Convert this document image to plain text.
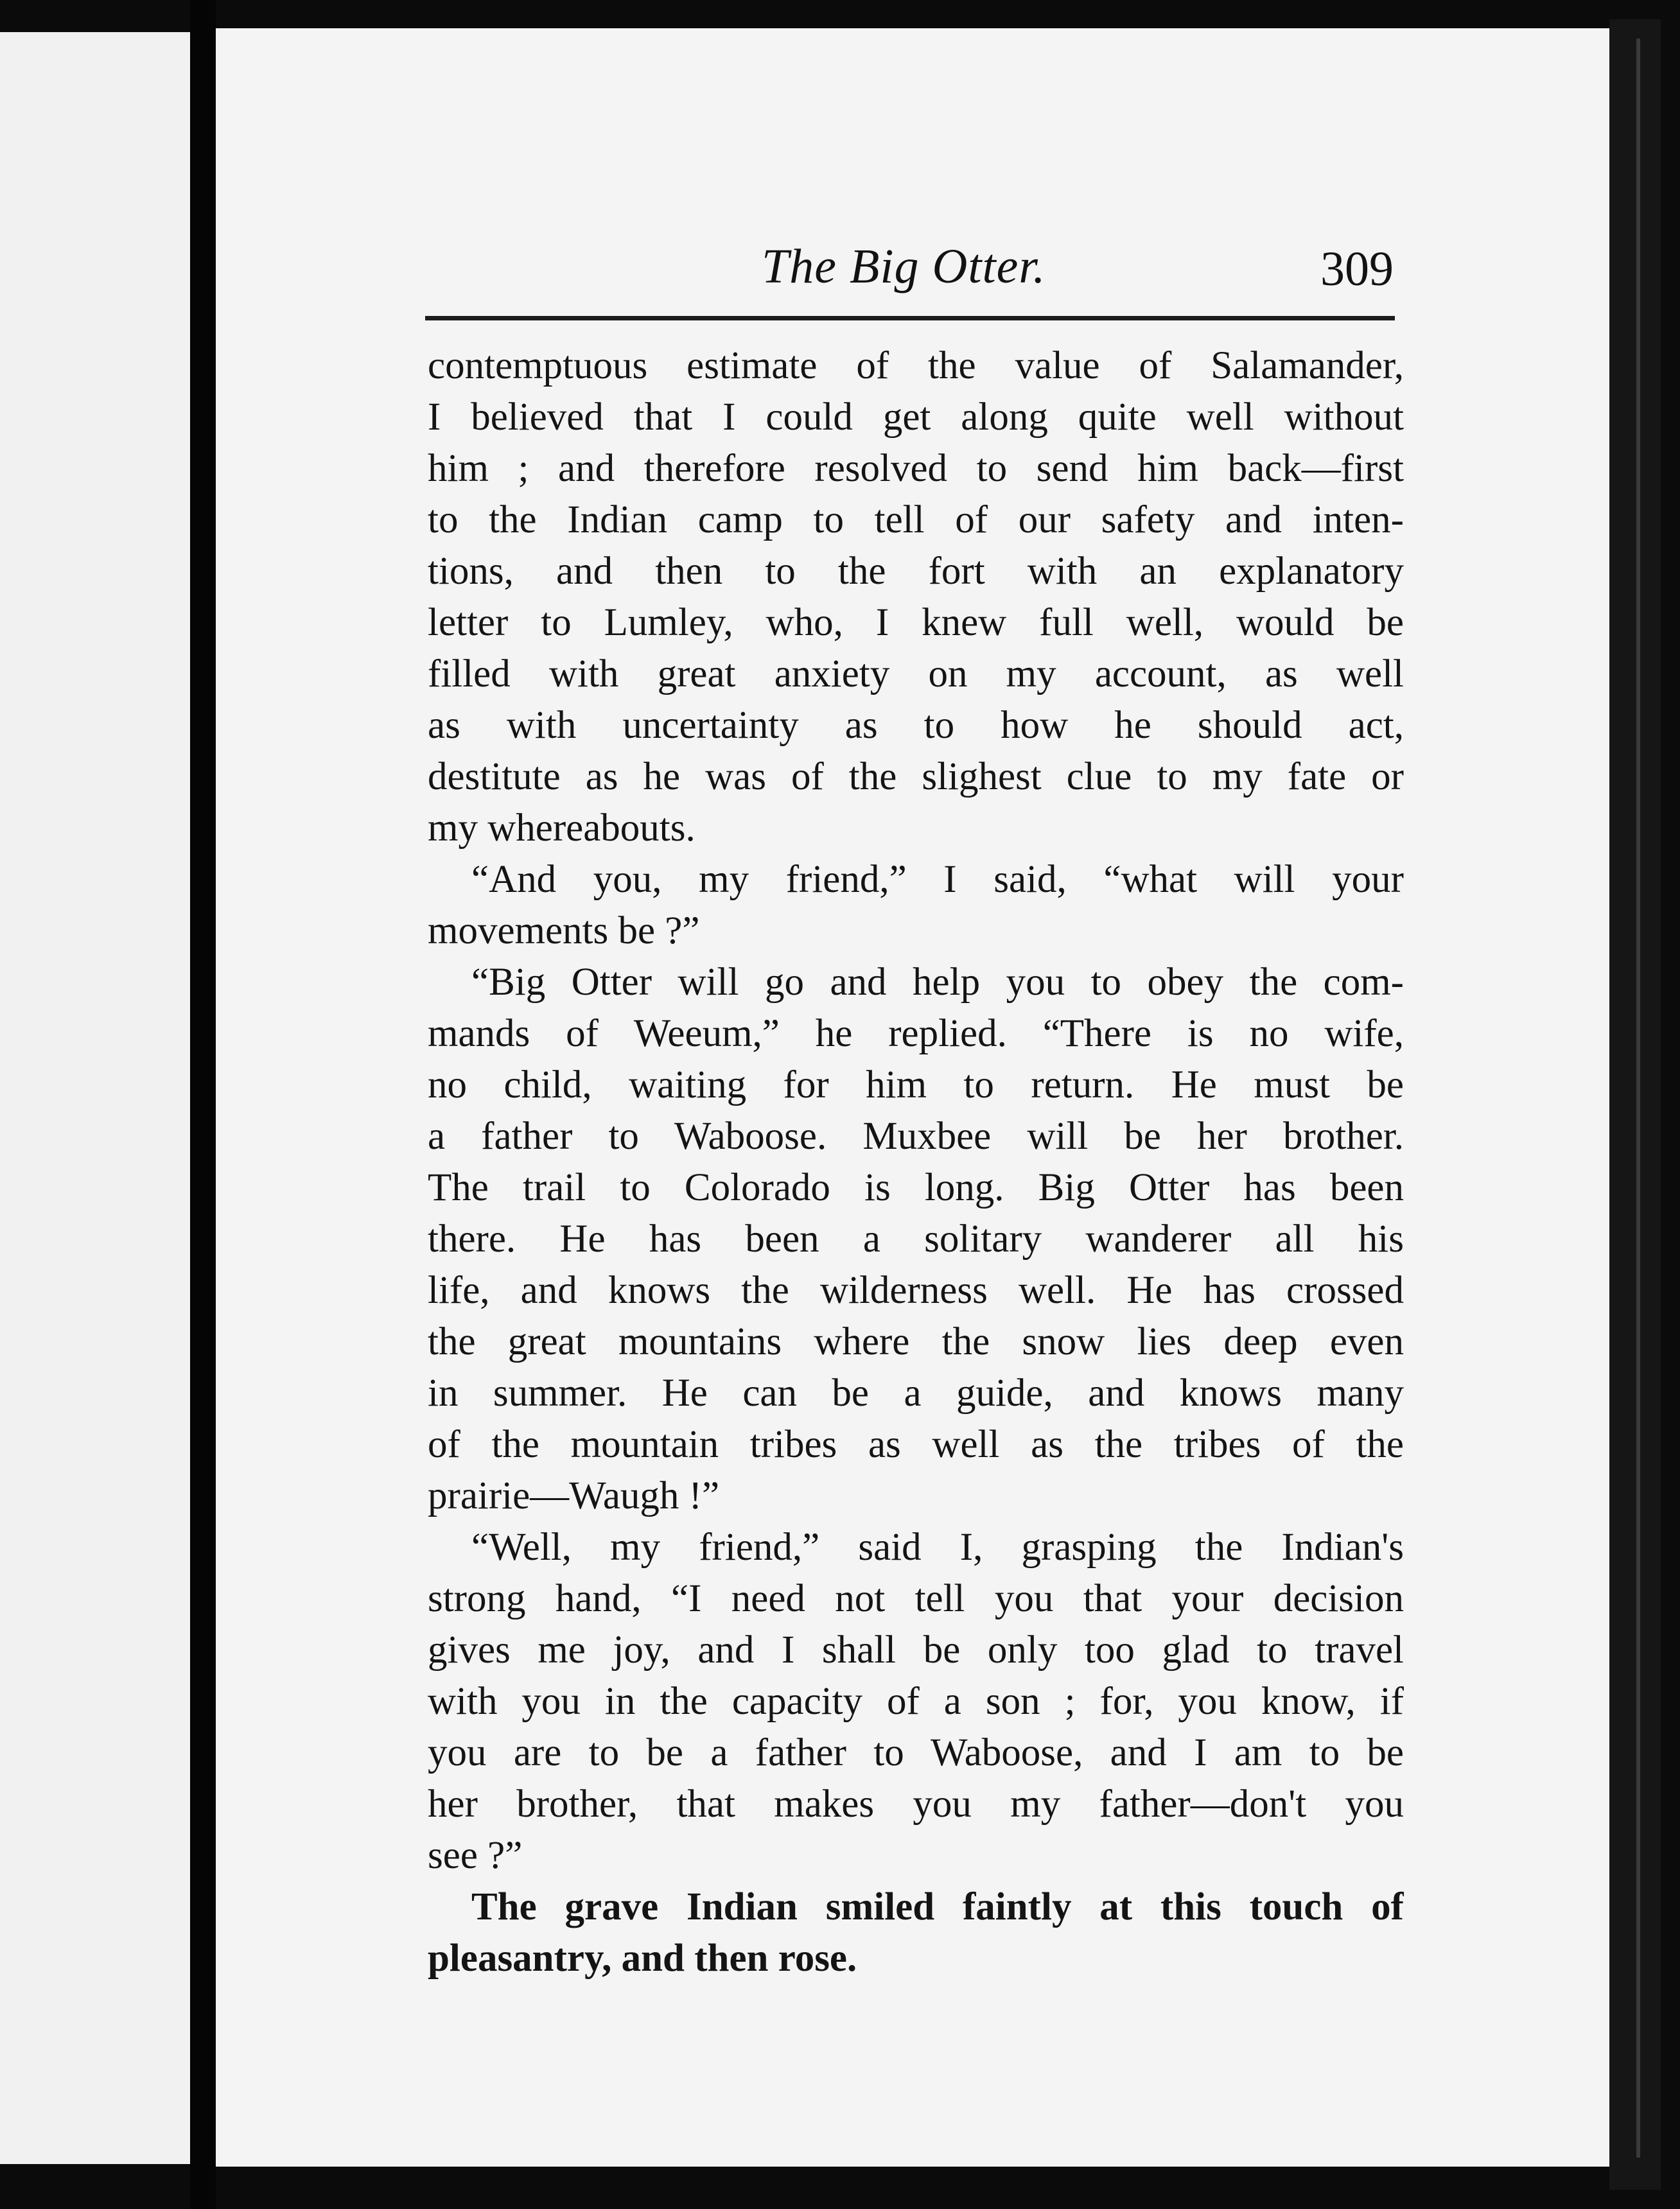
The Big Otter.	309
contemptuous estimate of the value of Salamander,
I believed that I could get along quite well without
him ; and therefore resolved to send him back—first
to the Indian camp to tell of our safety and inten-
tions, and then to the fort with an explanatory
letter to Lumley, who, I knew full well, would be
filled with great anxiety on my account, as well
as with uncertainty as to how he should act,
destitute as he was of the slighest clue to my fate or
my whereabouts.
“And you, my friend,” I said, “what will your
movements be ?”
“Big Otter will go and help you to obey the com-
mands of Weeum,” he replied. “There is no wife,
no child, waiting for him to return. He must be
a father to Waboose. Muxbee will be her brother.
The trail to Colorado is long. Big Otter has been
there. He has been a solitary wanderer all his
life, and knows the wilderness well. He has crossed
the great mountains where the snow lies deep even
in summer. He can be a guide, and knows many
of the mountain tribes as well as the tribes of the
prairie—Waugh !”
“Well, my friend,” said I, grasping the Indian's
strong hand, “I need not tell you that your decision
gives me joy, and I shall be only too glad to travel
with you in the capacity of a son ; for, you know, if
you are to be a father to Waboose, and I am to be
her brother, that makes you my father—don't you
see ?”
The grave Indian smiled faintly at this touch of
pleasantry, and then rose.
